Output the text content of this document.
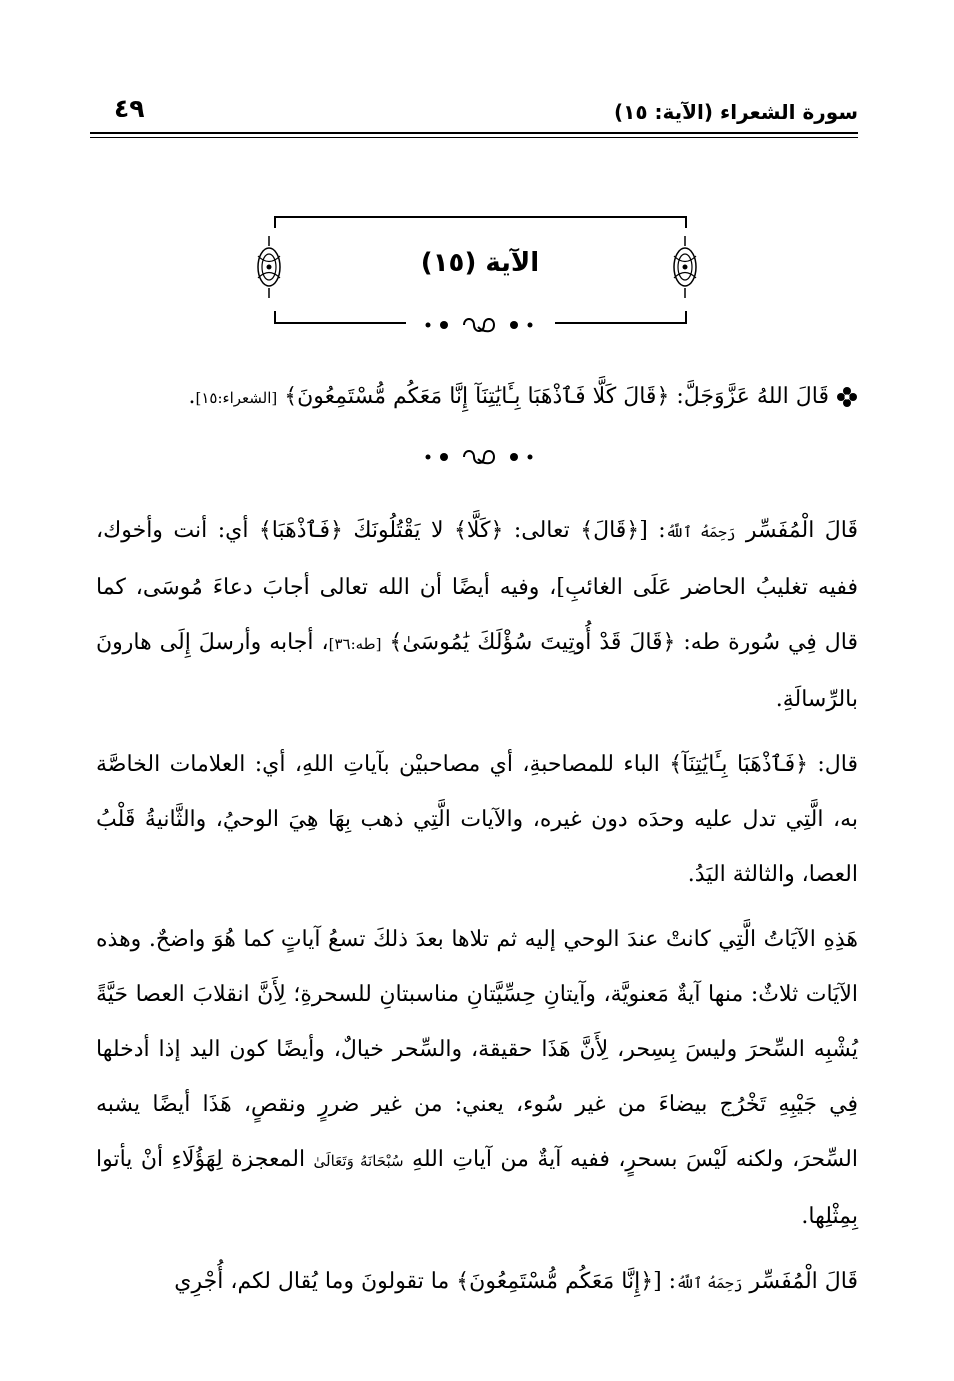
سورة الشعراء (الآية: ١٥)
٤٩
الآية (١٥)
قَالَ اللهُ عَزَّوَجَلَّ: ﴿قَالَ كَلَّا فَٱذْهَبَا بِـَٔايَٰتِنَآ إِنَّا مَعَكُم مُّسْتَمِعُونَ﴾ [الشعراء:١٥].

قَالَ الْمُفَسِّر رَحِمَهُ ٱللَّهُ: [﴿قَالَ﴾ تعالى: ﴿كَلَّا﴾ لا يَقْتُلُونَكَ ﴿فَٱذْهَبَا﴾ أي: أنت وأخوك، ففيه تغليبُ الحاضر عَلَى الغائبِ]، وفيه أيضًا أن الله تعالى أجابَ دعاءَ مُوسَى، كما قال فِي سُورة طه: ﴿قَالَ قَدْ أُوتِيتَ سُؤْلَكَ يَٰمُوسَىٰ﴾ [طه:٣٦]، أجابه وأرسلَ إِلَى هارونَ بالرِّسالَةِ.

قال: ﴿فَٱذْهَبَا بِـَٔايَٰتِنَآ﴾ الباء للمصاحبةِ، أي مصاحبيْن بآياتِ اللهِ، أي: العلامات الخاصَّة به، الَّتِي تدل عليه وحدَه دون غيره، والآيات الَّتِي ذهب بِهَا هِيَ الوحيُ، والثَّانيةُ قَلْبُ العصا، والثالثة اليَدُ.

هَذِهِ الآيَاتُ الَّتِي كانتْ عندَ الوحي إليه ثم تلاها بعدَ ذلكَ تسعُ آياتٍ كما هُوَ واضحٌ. وهذه الآيَات ثلاثٌ: منها آيةٌ مَعنويَّة، وآيتانِ حِسِّيَّتانِ مناسبتانِ للسحرةِ؛ لِأَنَّ انقلابَ العصا حَيَّةً يُشْبِه السِّحرَ وليسَ بِسِحر، لِأَنَّ هَذَا حقيقة، والسِّحر خيالٌ، وأيضًا كون اليد إذا أدخلها فِي جَيْبِهِ تَخْرُج بيضاءَ من غير سُوء، يعني: من غير ضررٍ ونقصٍ، هَذَا أيضًا يشبه السِّحرَ، ولكنه لَيْسَ بسحرٍ، ففيه آيةٌ من آياتِ اللهِ سُبْحَانَهُ وَتَعَالَىٰ المعجزة لِهَؤُلَاءِ أنْ يأتوا بِمِثْلِها.

قَالَ الْمُفَسِّر رَحِمَهُ ٱللَّهُ: [﴿إِنَّا مَعَكُم مُّسْتَمِعُونَ﴾ ما تقولونَ وما يُقال لكم، أُجْرِي
